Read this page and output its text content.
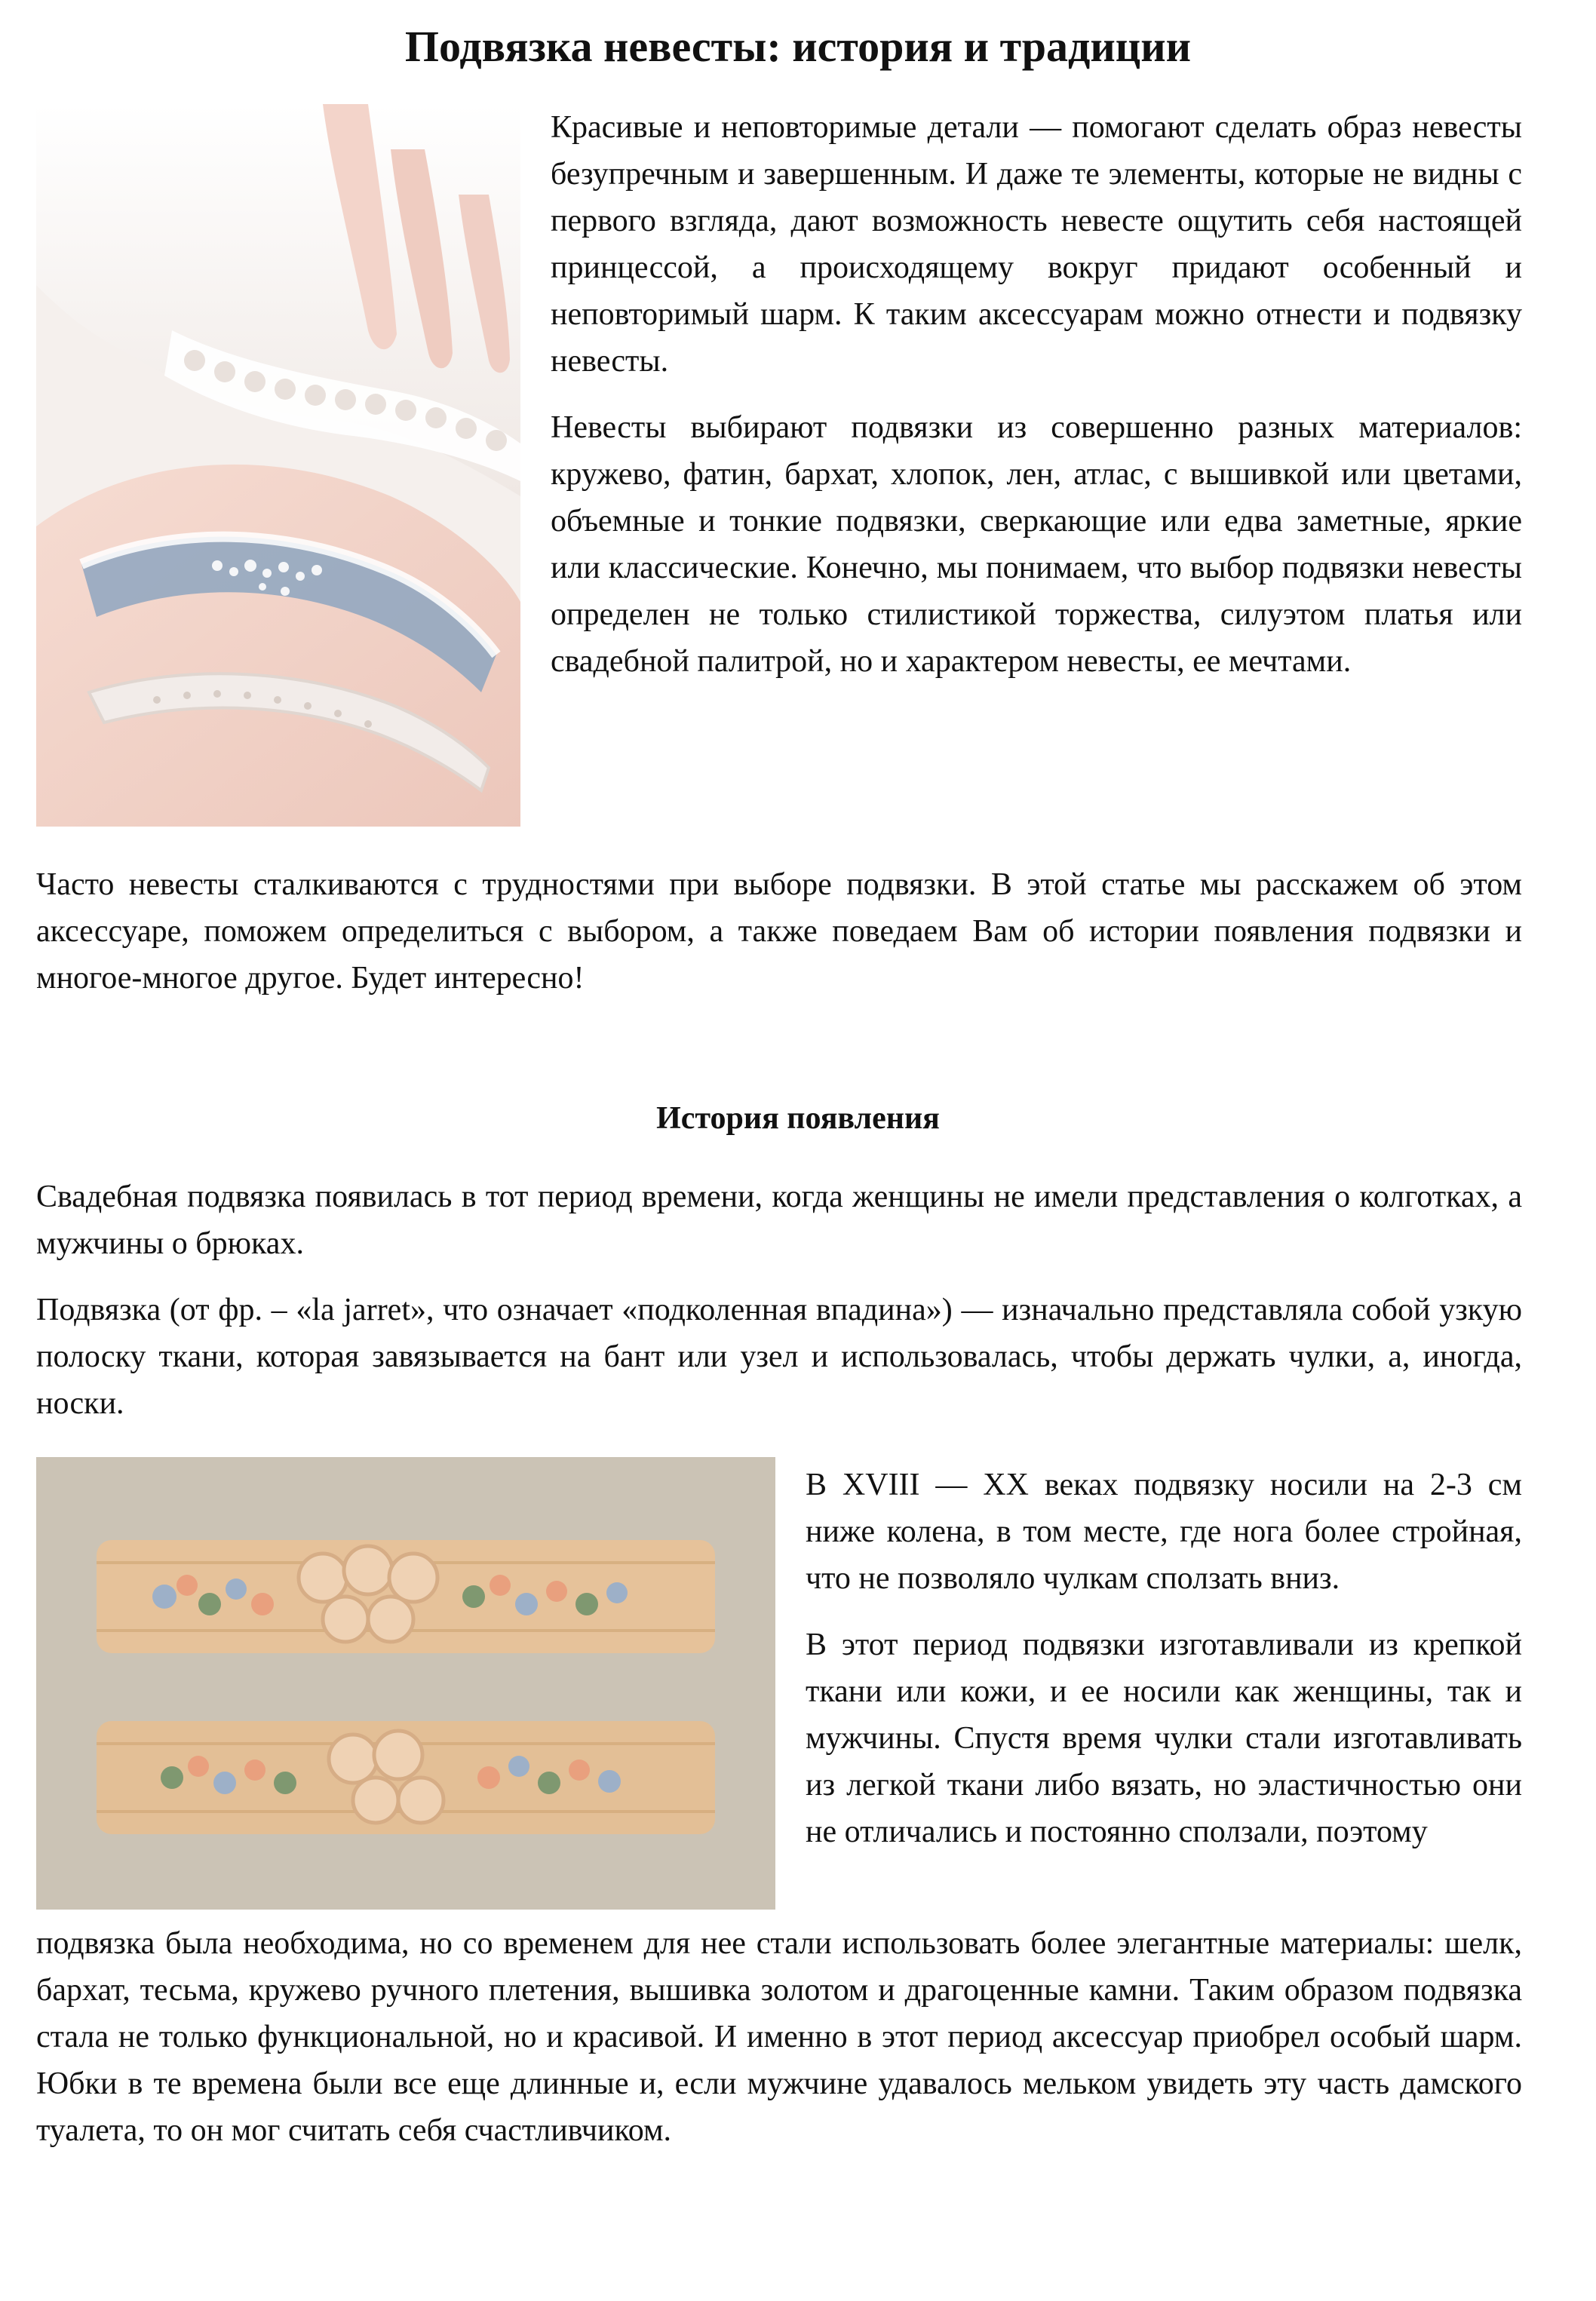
Подвязка невесты: история и традиции

Красивые и неповторимые детали — помогают сделать образ невесты безупречным и завершенным. И даже те элементы, которые не видны с первого взгляда, дают возможность невесте ощутить себя настоящей принцессой, а происходящему вокруг придают особенный и неповторимый шарм. К таким аксессуарам можно отнести и подвязку невесты.

Невесты выбирают подвязки из совершенно разных материалов: кружево, фатин, бархат, хлопок, лен, атлас, с вышивкой или цветами, объемные и тонкие подвязки, сверкающие или едва заметные, яркие или классические. Конечно, мы понимаем, что выбор подвязки невесты определен не только стилистикой торжества, силуэтом платья или свадебной палитрой, но и характером невесты, ее мечтами.

Часто невесты сталкиваются с трудностями при выборе подвязки. В этой статье мы расскажем об этом аксессуаре, поможем определиться с выбором, а также поведаем Вам об истории появления подвязки и многое-многое другое. Будет интересно!

История появления

Свадебная подвязка появилась в тот период времени, когда женщины не имели представления о колготках, а мужчины о брюках.

Подвязка (от фр. – «la jarret», что означает «подколенная впадина») — изначально представляла собой узкую полоску ткани, которая завязывается на бант или узел и использовалась, чтобы держать чулки, а, иногда, носки.

В XVIII — XX веках подвязку носили на 2-3 см ниже колена, в том месте, где нога более стройная, что не позволяло чулкам сползать вниз.

В этот период подвязки изготавливали из крепкой ткани или кожи, и ее носили как женщины, так и мужчины. Спустя время чулки стали изготавливать из легкой ткани либо вязать, но эластичностью они не отличались и постоянно сползали, поэтому

подвязка была необходима, но со временем для нее стали использовать более элегантные материалы: шелк, бархат, тесьма, кружево ручного плетения, вышивка золотом и драгоценные камни. Таким образом подвязка стала не только функциональной, но и красивой. И именно в этот период аксессуар приобрел особый шарм. Юбки в те времена были все еще длинные и, если мужчине удавалось мельком увидеть эту часть дамского туалета, то он мог считать себя счастливчиком.
